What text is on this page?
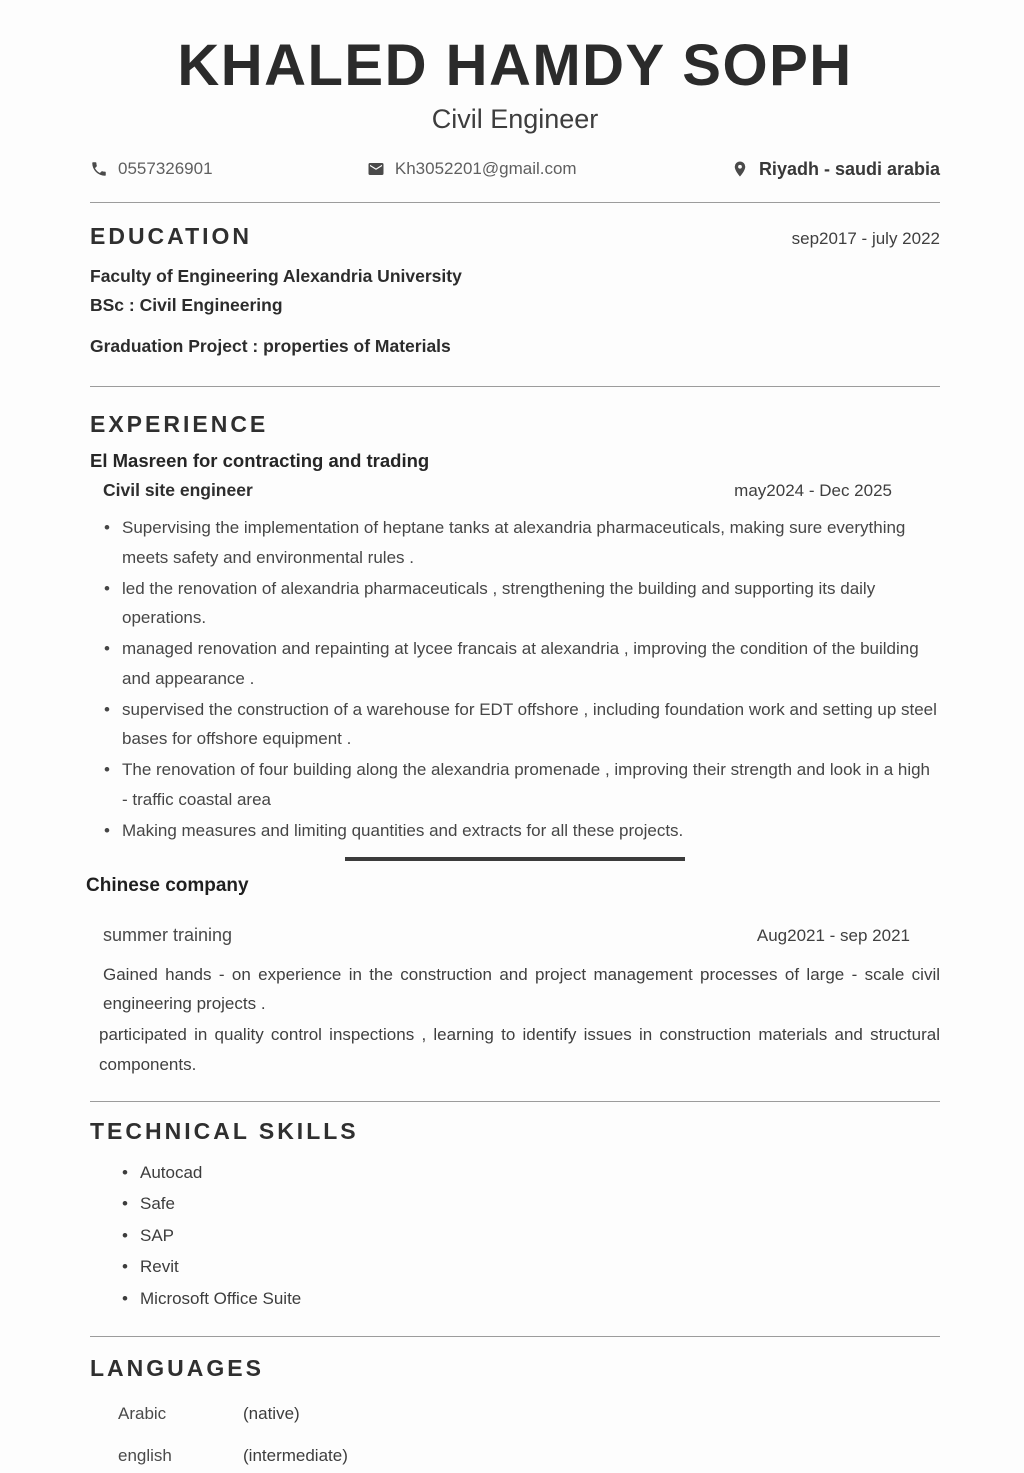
KHALED HAMDY SOPH
Civil Engineer
0557326901	Kh3052201@gmail.com	Riyadh - saudi arabia
EDUCATION	sep2017 - july 2022
Faculty of Engineering Alexandria University
BSc : Civil Engineering
Graduation Project : properties of Materials
EXPERIENCE
El Masreen for contracting and trading
Civil site engineer	may2024 - Dec 2025
• Supervising the implementation of heptane tanks at alexandria pharmaceuticals, making sure everything meets safety and environmental rules .
• led the renovation of alexandria pharmaceuticals , strengthening the building and supporting its daily operations.
• managed renovation and repainting at lycee francais at alexandria , improving the condition of the building and appearance .
• supervised the construction of a warehouse for EDT offshore , including foundation work and setting up steel bases for offshore equipment .
• The renovation of four building along the alexandria promenade , improving their strength and look in a high - traffic coastal area
• Making measures and limiting quantities and extracts for all these projects.
Chinese company
summer training	Aug2021 - sep 2021

Gained hands - on experience in the construction and project management processes of large - scale civil engineering projects .

participated in quality control inspections , learning to identify issues in construction materials and structural components.

TECHNICAL SKILLS
• Autocad
• Safe
• SAP
• Revit
• Microsoft Office Suite
LANGUAGES
Arabic	(native)
english	(intermediate)
